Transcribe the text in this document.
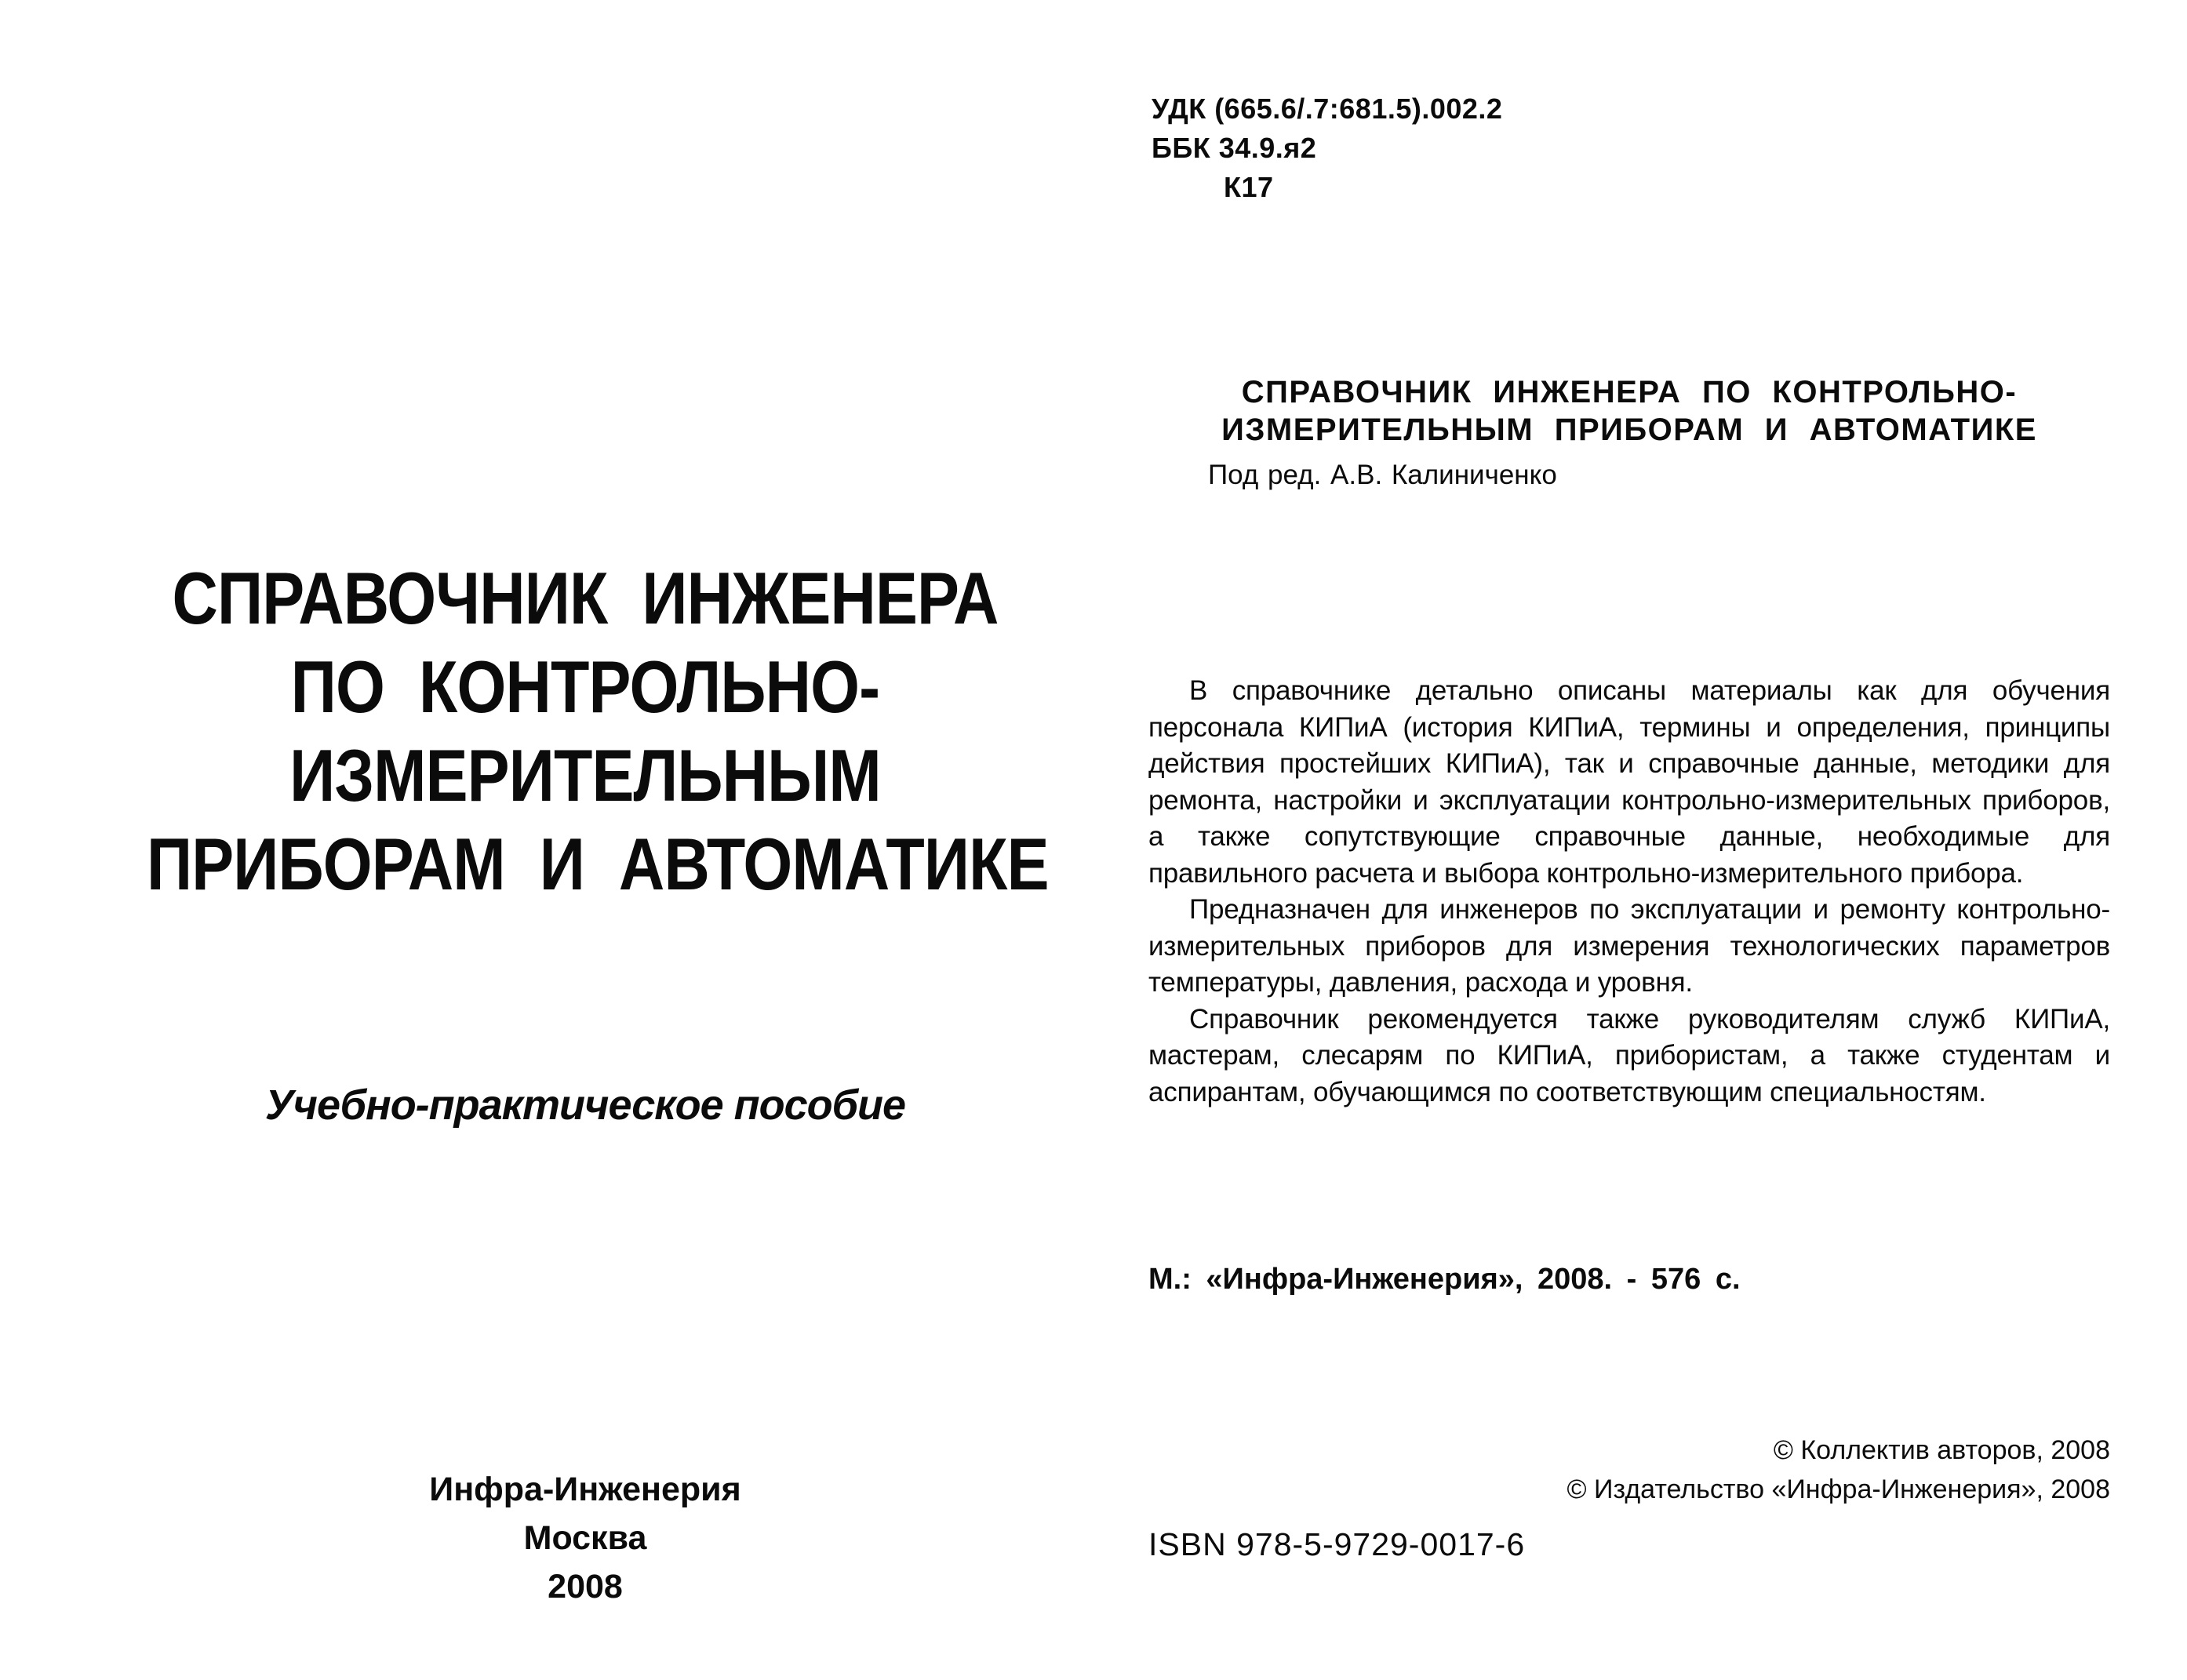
СПРАВОЧНИК ИНЖЕНЕРА
ПО КОНТРОЛЬНО-
ИЗМЕРИТЕЛЬНЫМ
ПРИБОРАМ И АВТОМАТИКЕ
Учебно-практическое пособие
Инфра-Инженерия
Москва
2008
УДК (665.6/.7:681.5).002.2
ББК 34.9.я2
К17
СПРАВОЧНИК ИНЖЕНЕРА ПО КОНТРОЛЬНО-
ИЗМЕРИТЕЛЬНЫМ ПРИБОРАМ И АВТОМАТИКЕ
Под ред. А.В. Калиниченко

В справочнике детально описаны материалы как для обучения персонала КИПиА (история КИПиА, термины и определения, принципы действия простейших КИПиА), так и справочные данные, методики для ремонта, настройки и эксплуатации контрольно-измерительных приборов, а также сопутствующие справочные данные, необходимые для правильного расчета и выбора контрольно-измерительного прибора.

Предназначен для инженеров по эксплуатации и ремонту контрольно-измерительных приборов для измерения технологических параметров температуры, давления, расхода и уровня.

Справочник рекомендуется также руководителям служб КИПиА, мастерам, слесарям по КИПиА, прибористам, а также студентам и аспирантам, обучающимся по соответствующим специальностям.

М.: «Инфра-Инженерия», 2008. - 576 с.
© Коллектив авторов, 2008
© Издательство «Инфра-Инженерия», 2008
ISBN 978-5-9729-0017-6
